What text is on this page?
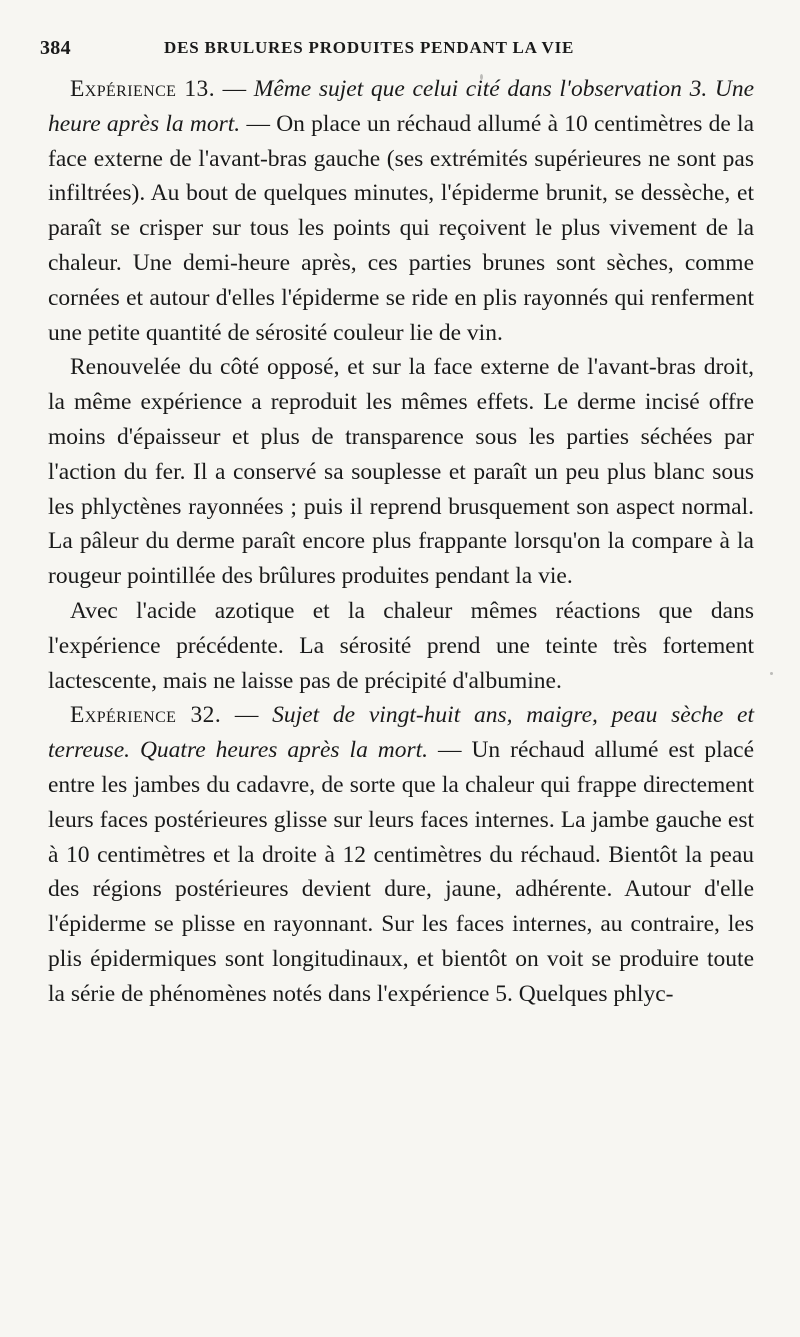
384	DES BRULURES PRODUITES PENDANT LA VIE

Expérience 13. — Même sujet que celui cité dans l'observation 3. Une heure après la mort. — On place un réchaud allumé à 10 centimètres de la face externe de l'avant-bras gauche (ses extrémités supérieures ne sont pas infiltrées). Au bout de quelques minutes, l'épiderme brunit, se dessèche, et paraît se crisper sur tous les points qui reçoivent le plus vivement de la chaleur. Une demi-heure après, ces parties brunes sont sèches, comme cornées et autour d'elles l'épiderme se ride en plis rayonnés qui renferment une petite quantité de sérosité couleur lie de vin.

Renouvelée du côté opposé, et sur la face externe de l'avant-bras droit, la même expérience a reproduit les mêmes effets. Le derme incisé offre moins d'épaisseur et plus de transparence sous les parties séchées par l'action du fer. Il a conservé sa souplesse et paraît un peu plus blanc sous les phlyctènes rayonnées ; puis il reprend brusquement son aspect normal. La pâleur du derme paraît encore plus frappante lorsqu'on la compare à la rougeur pointillée des brûlures produites pendant la vie.

Avec l'acide azotique et la chaleur mêmes réactions que dans l'expérience précédente. La sérosité prend une teinte très fortement lactescente, mais ne laisse pas de précipité d'albumine.

Expérience 32. — Sujet de vingt-huit ans, maigre, peau sèche et terreuse. Quatre heures après la mort. — Un réchaud allumé est placé entre les jambes du cadavre, de sorte que la chaleur qui frappe directement leurs faces postérieures glisse sur leurs faces internes. La jambe gauche est à 10 centimètres et la droite à 12 centimètres du réchaud. Bientôt la peau des régions postérieures devient dure, jaune, adhérente. Autour d'elle l'épiderme se plisse en rayonnant. Sur les faces internes, au contraire, les plis épidermiques sont longitudinaux, et bientôt on voit se produire toute la série de phénomènes notés dans l'expérience 5. Quelques phlyc-
